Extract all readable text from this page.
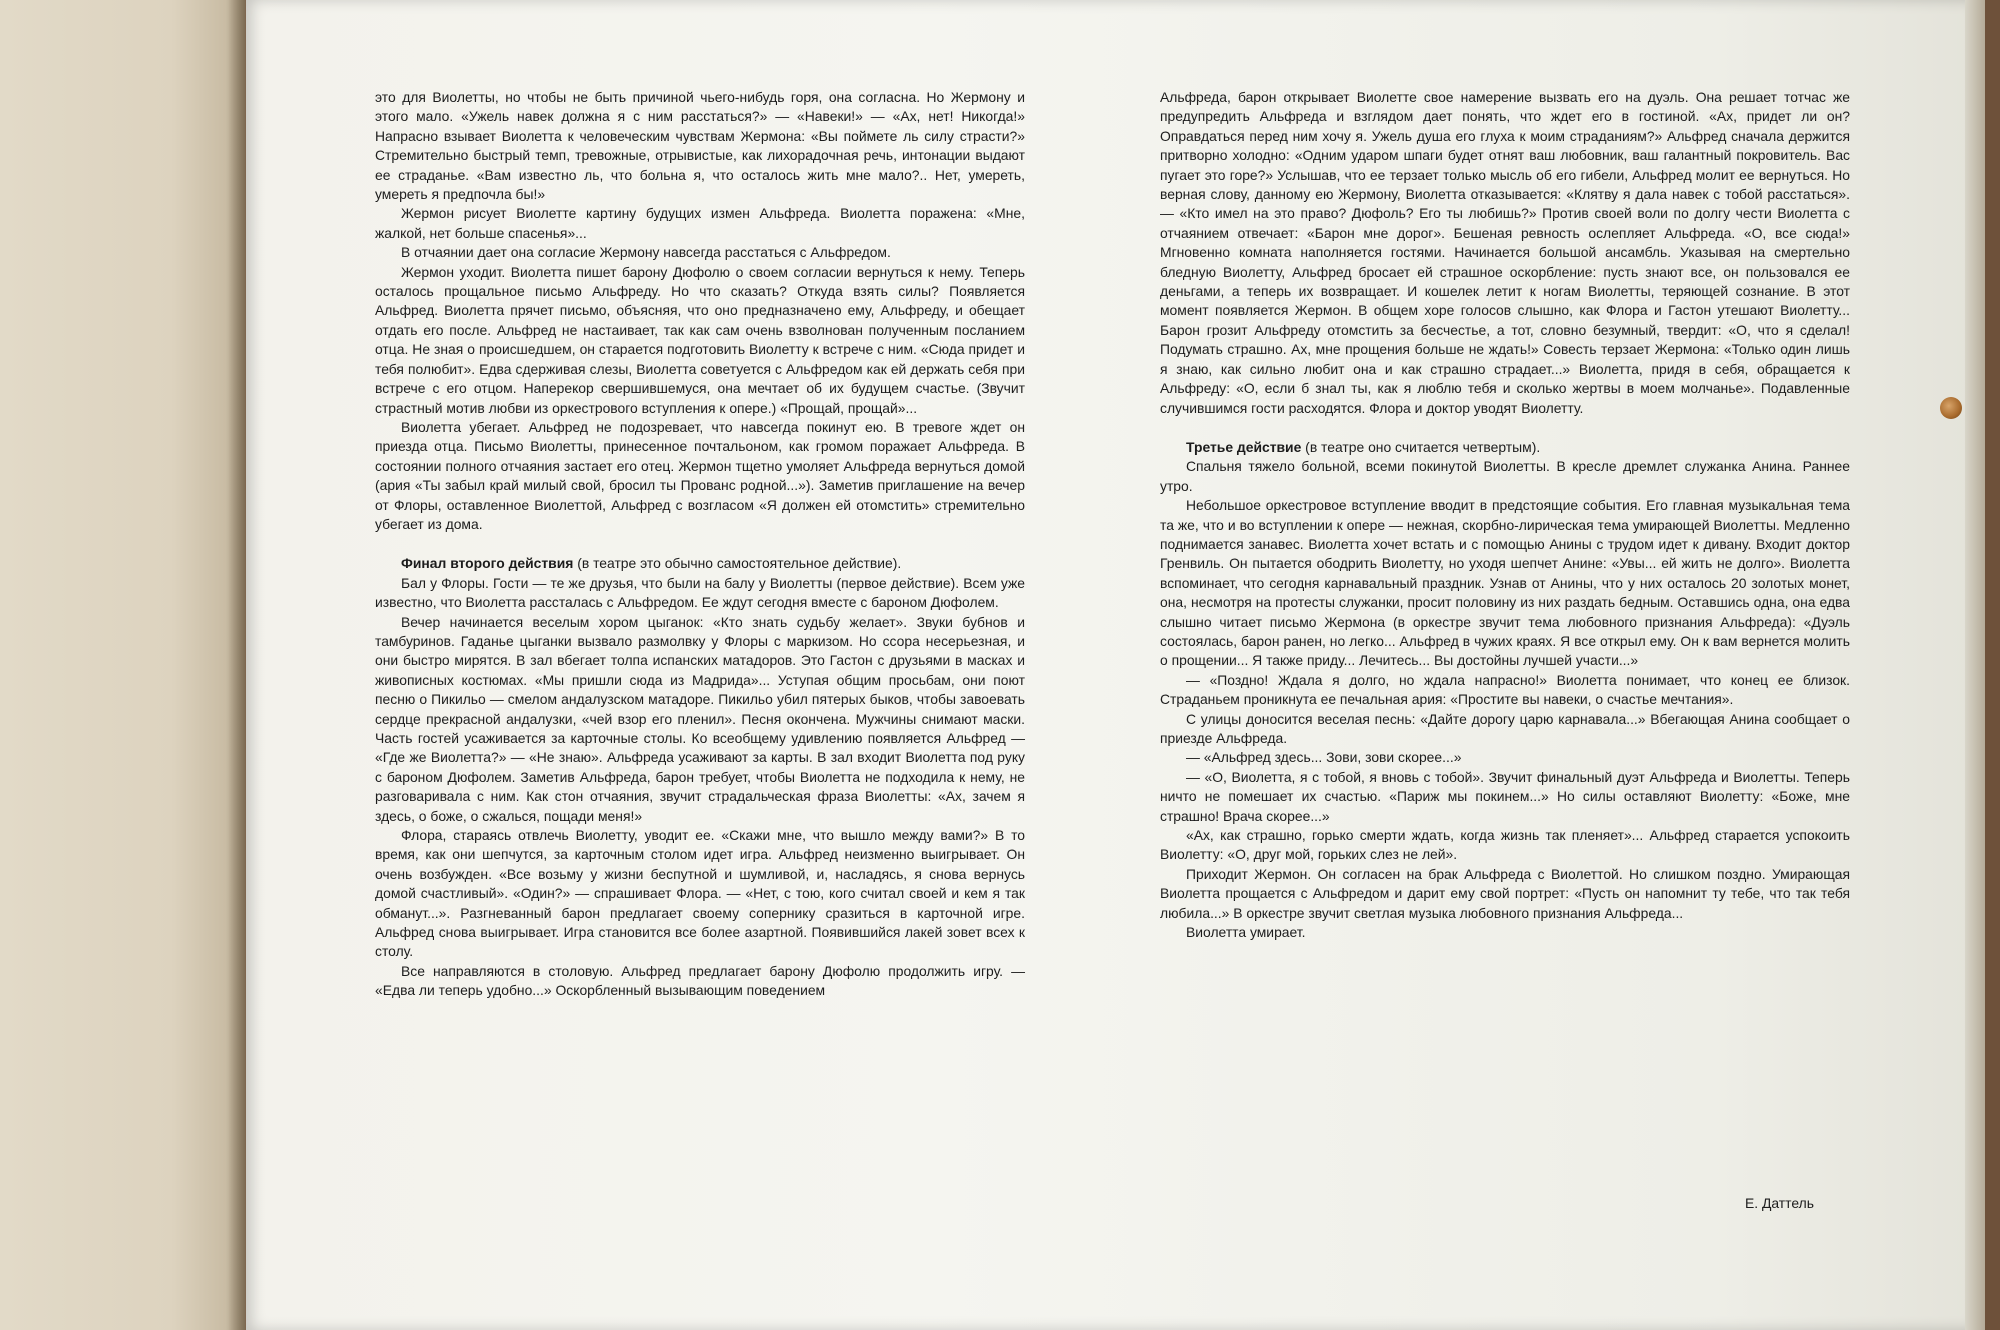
это для Виолетты, но чтобы не быть причиной чьего-нибудь горя, она согласна. Но Жермону и этого мало. «Ужель навек должна я с ним расстаться?» — «Навеки!» — «Ах, нет! Никогда!» Напрасно взывает Виолетта к человеческим чувствам Жермона: «Вы поймете ль силу страсти?» Стремительно быстрый темп, тревожные, отрывистые, как лихорадочная речь, интонации выдают ее страданье. «Вам известно ль, что больна я, что осталось жить мне мало?.. Нет, умереть, умереть я предпочла бы!»

Жермон рисует Виолетте картину будущих измен Альфреда. Виолетта поражена: «Мне, жалкой, нет больше спасенья»...

В отчаянии дает она согласие Жермону навсегда расстаться с Альфредом.

Жермон уходит. Виолетта пишет барону Дюфолю о своем согласии вернуться к нему. Теперь осталось прощальное письмо Альфреду. Но что сказать? Откуда взять силы? Появляется Альфред. Виолетта прячет письмо, объясняя, что оно предназначено ему, Альфреду, и обещает отдать его после. Альфред не настаивает, так как сам очень взволнован полученным посланием отца. Не зная о происшедшем, он старается подготовить Виолетту к встрече с ним. «Сюда придет и тебя полюбит». Едва сдерживая слезы, Виолетта советуется с Альфредом как ей держать себя при встрече с его отцом. Наперекор свершившемуся, она мечтает об их будущем счастье. (Звучит страстный мотив любви из оркестрового вступления к опере.) «Прощай, прощай»...

Виолетта убегает. Альфред не подозревает, что навсегда покинут ею. В тревоге ждет он приезда отца. Письмо Виолетты, принесенное почтальоном, как громом поражает Альфреда. В состоянии полного отчаяния застает его отец. Жермон тщетно умоляет Альфреда вернуться домой (ария «Ты забыл край милый свой, бросил ты Прованс родной...»). Заметив приглашение на вечер от Флоры, оставленное Виолеттой, Альфред с возгласом «Я должен ей отомстить» стремительно убегает из дома.

Финал второго действия (в театре это обычно самостоятельное действие).

Бал у Флоры. Гости — те же друзья, что были на балу у Виолетты (первое действие). Всем уже известно, что Виолетта рассталась с Альфредом. Ее ждут сегодня вместе с бароном Дюфолем.

Вечер начинается веселым хором цыганок: «Кто знать судьбу желает». Звуки бубнов и тамбуринов. Гаданье цыганки вызвало размолвку у Флоры с маркизом. Но ссора несерьезная, и они быстро мирятся. В зал вбегает толпа испанских матадоров. Это Гастон с друзьями в масках и живописных костюмах. «Мы пришли сюда из Мадрида»... Уступая общим просьбам, они поют песню о Пикильо — смелом андалузском матадоре. Пикильо убил пятерых быков, чтобы завоевать сердце прекрасной андалузки, «чей взор его пленил». Песня окончена. Мужчины снимают маски. Часть гостей усаживается за карточные столы. Ко всеобщему удивлению появляется Альфред — «Где же Виолетта?» — «Не знаю». Альфреда усаживают за карты. В зал входит Виолетта под руку с бароном Дюфолем. Заметив Альфреда, барон требует, чтобы Виолетта не подходила к нему, не разговаривала с ним. Как стон отчаяния, звучит страдальческая фраза Виолетты: «Ах, зачем я здесь, о боже, о сжалься, пощади меня!»

Флора, стараясь отвлечь Виолетту, уводит ее. «Скажи мне, что вышло между вами?» В то время, как они шепчутся, за карточным столом идет игра. Альфред неизменно выигрывает. Он очень возбужден. «Все возьму у жизни беспутной и шумливой, и, насладясь, я снова вернусь домой счастливый». «Один?» — спрашивает Флора. — «Нет, с тою, кого считал своей и кем я так обманут...». Разгневанный барон предлагает своему сопернику сразиться в карточной игре. Альфред снова выигрывает. Игра становится все более азартной. Появившийся лакей зовет всех к столу.

Все направляются в столовую. Альфред предлагает барону Дюфолю продолжить игру. — «Едва ли теперь удобно...» Оскорбленный вызывающим поведением

Альфреда, барон открывает Виолетте свое намерение вызвать его на дуэль. Она решает тотчас же предупредить Альфреда и взглядом дает понять, что ждет его в гостиной. «Ах, придет ли он? Оправдаться перед ним хочу я. Ужель душа его глуха к моим страданиям?» Альфред сначала держится притворно холодно: «Одним ударом шпаги будет отнят ваш любовник, ваш галантный покровитель. Вас пугает это горе?» Услышав, что ее терзает только мысль об его гибели, Альфред молит ее вернуться. Но верная слову, данному ею Жермону, Виолетта отказывается: «Клятву я дала навек с тобой расстаться». — «Кто имел на это право? Дюфоль? Его ты любишь?» Против своей воли по долгу чести Виолетта с отчаянием отвечает: «Барон мне дорог». Бешеная ревность ослепляет Альфреда. «О, все сюда!» Мгновенно комната наполняется гостями. Начинается большой ансамбль. Указывая на смертельно бледную Виолетту, Альфред бросает ей страшное оскорбление: пусть знают все, он пользовался ее деньгами, а теперь их возвращает. И кошелек летит к ногам Виолетты, теряющей сознание. В этот момент появляется Жермон. В общем хоре голосов слышно, как Флора и Гастон утешают Виолетту... Барон грозит Альфреду отомстить за бесчестье, а тот, словно безумный, твердит: «О, что я сделал! Подумать страшно. Ах, мне прощения больше не ждать!» Совесть терзает Жермона: «Только один лишь я знаю, как сильно любит она и как страшно страдает...» Виолетта, придя в себя, обращается к Альфреду: «О, если б знал ты, как я люблю тебя и сколько жертвы в моем молчанье». Подавленные случившимся гости расходятся. Флора и доктор уводят Виолетту.

Третье действие (в театре оно считается четвертым).

Спальня тяжело больной, всеми покинутой Виолетты. В кресле дремлет служанка Анина. Раннее утро.

Небольшое оркестровое вступление вводит в предстоящие события. Его главная музыкальная тема та же, что и во вступлении к опере — нежная, скорбно-лирическая тема умирающей Виолетты. Медленно поднимается занавес. Виолетта хочет встать и с помощью Анины с трудом идет к дивану. Входит доктор Гренвиль. Он пытается ободрить Виолетту, но уходя шепчет Анине: «Увы... ей жить не долго». Виолетта вспоминает, что сегодня карнавальный праздник. Узнав от Анины, что у них осталось 20 золотых монет, она, несмотря на протесты служанки, просит половину из них раздать бедным. Оставшись одна, она едва слышно читает письмо Жермона (в оркестре звучит тема любовного признания Альфреда): «Дуэль состоялась, барон ранен, но легко... Альфред в чужих краях. Я все открыл ему. Он к вам вернется молить о прощении... Я также приду... Лечитесь... Вы достойны лучшей участи...»

— «Поздно! Ждала я долго, но ждала напрасно!» Виолетта понимает, что конец ее близок. Страданьем проникнута ее печальная ария: «Простите вы навеки, о счастье мечтания».

С улицы доносится веселая песнь: «Дайте дорогу царю карнавала...» Вбегающая Анина сообщает о приезде Альфреда.

— «Альфред здесь... Зови, зови скорее...»

— «О, Виолетта, я с тобой, я вновь с тобой». Звучит финальный дуэт Альфреда и Виолетты. Теперь ничто не помешает их счастью. «Париж мы покинем...» Но силы оставляют Виолетту: «Боже, мне страшно! Врача скорее...»

«Ах, как страшно, горько смерти ждать, когда жизнь так пленяет»... Альфред старается успокоить Виолетту: «О, друг мой, горьких слез не лей».

Приходит Жермон. Он согласен на брак Альфреда с Виолеттой. Но слишком поздно. Умирающая Виолетта прощается с Альфредом и дарит ему свой портрет: «Пусть он напомнит ту тебе, что так тебя любила...» В оркестре звучит светлая музыка любовного признания Альфреда...

Виолетта умирает.

Е. Даттель
